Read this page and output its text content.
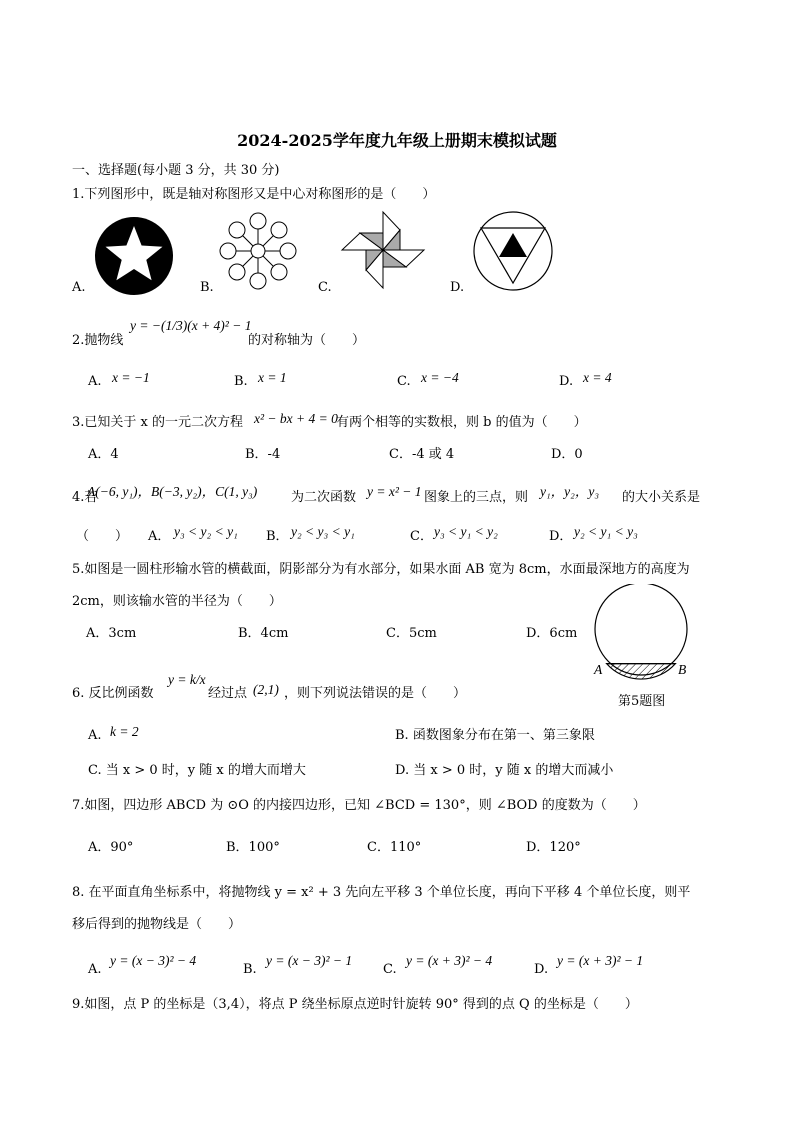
2024-2025学年度九年级上册期末模拟试题
一、选择题(每小题 3 分，共 30 分)
1.下列图形中，既是轴对称图形又是中心对称图形的是（　　）
A.	B.	C.	D.
2.抛物线
y = −(1/3)(x + 4)² − 1
的对称轴为（　　）
A. x = −1	B. x = 1	C. x = −4	D. x = 4
3.已知关于 x 的一元二次方程 x² − bx + 4 = 0
有两个相等的实数根，则 b 的值为（　　）
A．4	B．-4	C．-4 或 4	D．0
4.若
A(−6, y₁)，B(−3, y₂)，C(1, y₃)	为二次函数 y = x² − 1 图象上的三点，则 y₁，y₂，y₃ 的大小关系是
（　　） A． y₃ < y₂ < y₁ B． y₂ < y₃ < y₁	C． y₃ < y₁ < y₂	D． y₂ < y₁ < y₃
5.如图是一圆柱形输水管的横截面，阴影部分为有水部分，如果水面 AB 宽为 8cm，水面最深地方的高度为
2cm，则该输水管的半径为（　　）
A．3cm	B．4cm	C．5cm	D．6cm
A	B
第5题图
6. 反比例函数
y = k/x
经过点 (2,1) ，则下列说法错误的是（　　）
A. k = 2	B. 函数图象分布在第一、第三象限
C. 当 x > 0 时，y 随 x 的增大而增大	D. 当 x > 0 时，y 随 x 的增大而减小
7.如图，四边形 ABCD 为 ⊙O 的内接四边形，已知 ∠BCD = 130°，则 ∠BOD 的度数为（　　）
A．90°	B．100°	C．110°	D．120°
8. 在平面直角坐标系中，将抛物线 y = x² + 3 先向左平移 3 个单位长度，再向下平移 4 个单位长度，则平
移后得到的抛物线是（　　）
A.
y = (x − 3)² − 4
B.
y = (x − 3)² − 1
C.
y = (x + 3)² − 4
D.
y = (x + 3)² − 1
9.如图，点 P 的坐标是（3,4），将点 P 绕坐标原点逆时针旋转 90° 得到的点 Q 的坐标是（　　）
